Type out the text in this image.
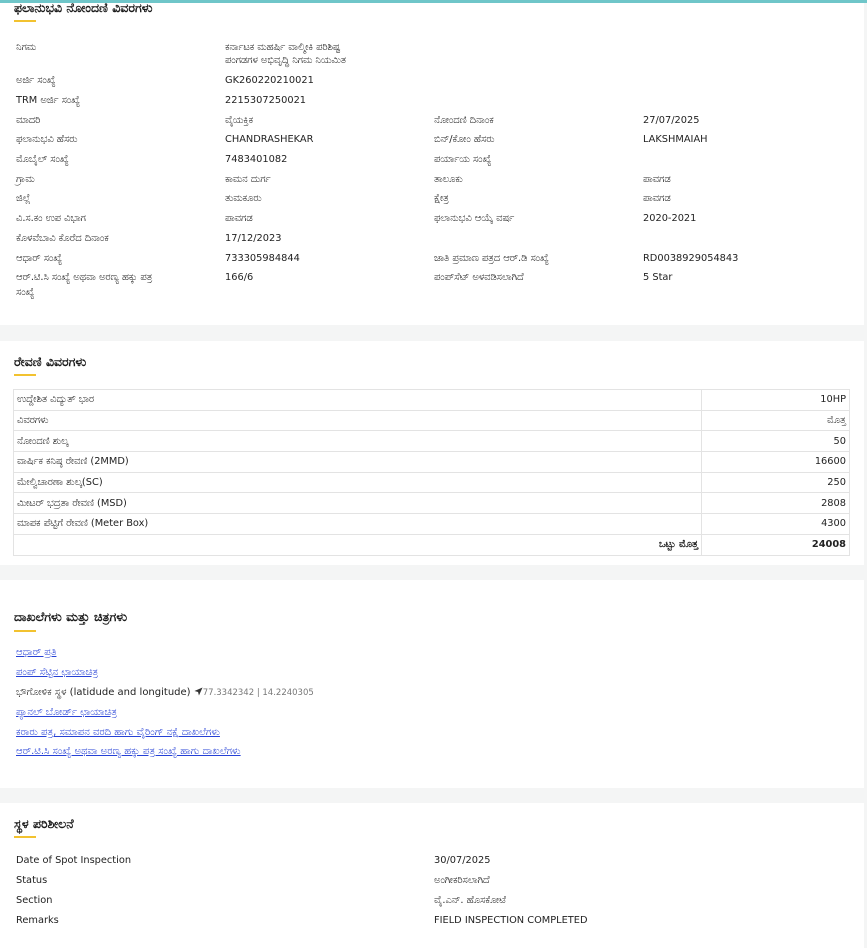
ಫಲಾನುಭವಿ ನೋಂದಣಿ ವಿವರಗಳು
ನಿಗಮ	ಕರ್ನಾಟಕ ಮಹರ್ಷಿ ವಾಲ್ಮೀಕಿ ಪರಿಶಿಷ್ಟ
ಪಂಗಡಗಳ ಅಭಿವೃದ್ಧಿ ನಿಗಮ ನಿಯಮಿತ
ಅರ್ಜಿ ಸಂಖ್ಯೆ	GK260220210021
TRM ಅರ್ಜಿ ಸಂಖ್ಯೆ	2215307250021
ಮಾದರಿ	ವೈಯಕ್ತಿಕ	ನೋಂದಣಿ ದಿನಾಂಕ	27/07/2025
ಫಲಾನುಭವಿ ಹೆಸರು	CHANDRASHEKAR	ಬಿನ್/ಕೋಂ ಹೆಸರು	LAKSHMAIAH
ಮೊಬೈಲ್ ಸಂಖ್ಯೆ	7483401082	ಪರ್ಯಾಯ ಸಂಖ್ಯೆ
ಗ್ರಾಮ	ಕಾಮನ ದುರ್ಗ	ತಾಲೂಕು	ಪಾವಗಡ
ಜಿಲ್ಲೆ	ತುಮಕೂರು	ಕ್ಷೇತ್ರ	ಪಾವಗಡ
ವಿ.ಸ.ಕಂ ಉಪ ವಿಭಾಗ	ಪಾವಗಡ	ಫಲಾನುಭವಿ ಆಯ್ಕೆ ವರ್ಷ	2020-2021
ಕೊಳವೆಬಾವಿ ಕೊರೆದ ದಿನಾಂಕ	17/12/2023
ಆಧಾರ್ ಸಂಖ್ಯೆ	733305984844	ಜಾತಿ ಪ್ರಮಾಣ ಪತ್ರದ ಆರ್.ಡಿ ಸಂಖ್ಯೆ	RD0038929054843
ಆರ್.ಟಿ.ಸಿ ಸಂಖ್ಯೆ ಅಥವಾ ಅರಣ್ಯ ಹಕ್ಕು ಪತ್ರ
ಸಂಖ್ಯೆ
166/6	ಪಂಪ್‌ಸೆಟ್ ಅಳವಡಿಸಲಾಗಿದೆ	5 Star
ರೇವಣಿ ವಿವರಗಳು
ಉದ್ದೇಶಿತ ವಿದ್ಯುತ್ ಭಾರ	10HP
ವಿವರಗಳು	ಮೊತ್ತ
ನೋಂದಣಿ ಶುಲ್ಕ	50
ವಾರ್ಷಿಕ ಕನಿಷ್ಠ ರೇವಣಿ (2MMD)	16600
ಮೇಲ್ವಿಚಾರಣಾ ಶುಲ್ಕ(SC)	250
ಮೀಟರ್ ಭದ್ರತಾ ರೇವಣಿ (MSD)	2808
ಮಾಪಕ ಪೆಟ್ಟಿಗೆ ರೇವಣಿ (Meter Box)	4300
ಒಟ್ಟು ಮೊತ್ತ	24008
ದಾಖಲೆಗಳು ಮತ್ತು ಚಿತ್ರಗಳು
ಆಧಾರ್ ಪ್ರತಿ
ಪಂಪ್ ಸೆಟ್ಟಿನ ಛಾಯಾಚಿತ್ರ
ಭೌಗೋಳಿಕ ಸ್ಥಳ (latidude and longitude) 77.3342342 | 14.2240305
ಪ್ಯಾನಲ್ ಬೋರ್ಡ್ ಛಾಯಾಚಿತ್ರ
ಕರಾರು ಪತ್ರ, ಸಮಾಪನ ವರದಿ ಹಾಗು ವೈರಿಂಗ್ ನಕ್ಷೆ ದಾಖಲೆಗಳು
ಆರ್.ಟಿ.ಸಿ ಸಂಖ್ಯೆ ಅಥವಾ ಅರಣ್ಯ ಹಕ್ಕು ಪತ್ರ ಸಂಖ್ಯೆ ಹಾಗು ದಾಖಲೆಗಳು
ಸ್ಥಳ ಪರಿಶೀಲನೆ
Date of Spot Inspection	30/07/2025
Status	ಅಂಗೀಕರಿಸಲಾಗಿದೆ
Section	ವೈ.ಎನ್. ಹೊಸಕೋಟೆ
Remarks	FIELD INSPECTION COMPLETED
